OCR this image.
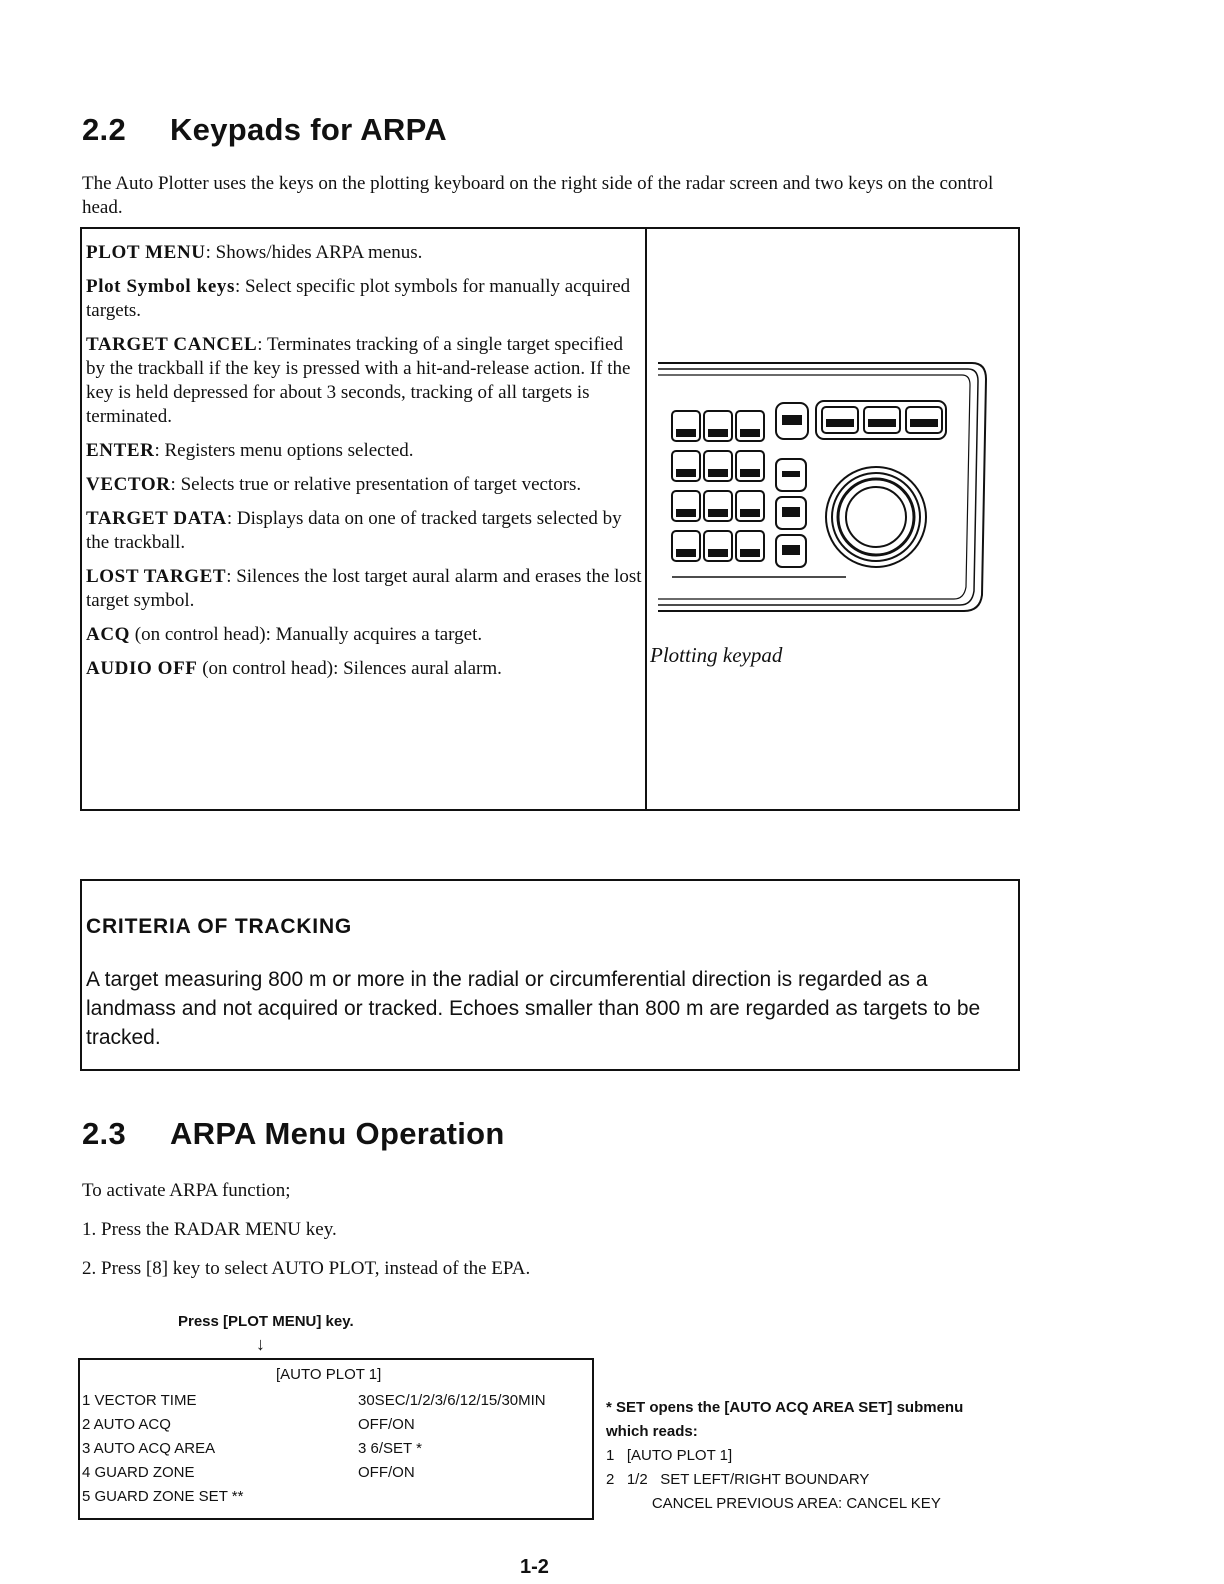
2.2 Keypads for ARPA
The Auto Plotter uses the keys on the plotting keyboard on the right side of the radar screen and two keys on the control head.
PLOT MENU: Shows/hides ARPA menus.
Plot Symbol keys: Select specific plot symbols for manually acquired targets.
TARGET CANCEL: Terminates tracking of a single target specified by the trackball if the key is pressed with a hit-and-release action. If the key is held depressed for about 3 seconds, tracking of all targets is terminated.
ENTER: Registers menu options selected.
VECTOR: Selects true or relative presentation of target vectors.
TARGET DATA: Displays data on one of tracked targets selected by the trackball.
LOST TARGET: Silences the lost target aural alarm and erases the lost target symbol.
ACQ (on control head): Manually acquires a target.
AUDIO OFF (on control head): Silences aural alarm.
Plotting keypad
CRITERIA OF TRACKING
A target measuring 800 m or more in the radial or circumferential direction is regarded as a landmass and not acquired or tracked. Echoes smaller than 800 m are regarded as targets to be tracked.
2.3 ARPA Menu Operation
To activate ARPA function;
1. Press the RADAR MENU key.
2. Press [8] key to select AUTO PLOT, instead of the EPA.
Press [PLOT MENU] key.
↓
[AUTO PLOT 1]
1 VECTOR TIME	30SEC/1/2/3/6/12/15/30MIN
2 AUTO ACQ	OFF/ON
3 AUTO ACQ AREA	3 6/SET *
4 GUARD ZONE	OFF/ON
5 GUARD ZONE SET **
* SET opens the [AUTO ACQ AREA SET] submenu
which reads:
1   [AUTO PLOT 1]
2   1/2   SET LEFT/RIGHT BOUNDARY
CANCEL PREVIOUS AREA: CANCEL KEY
1-2
